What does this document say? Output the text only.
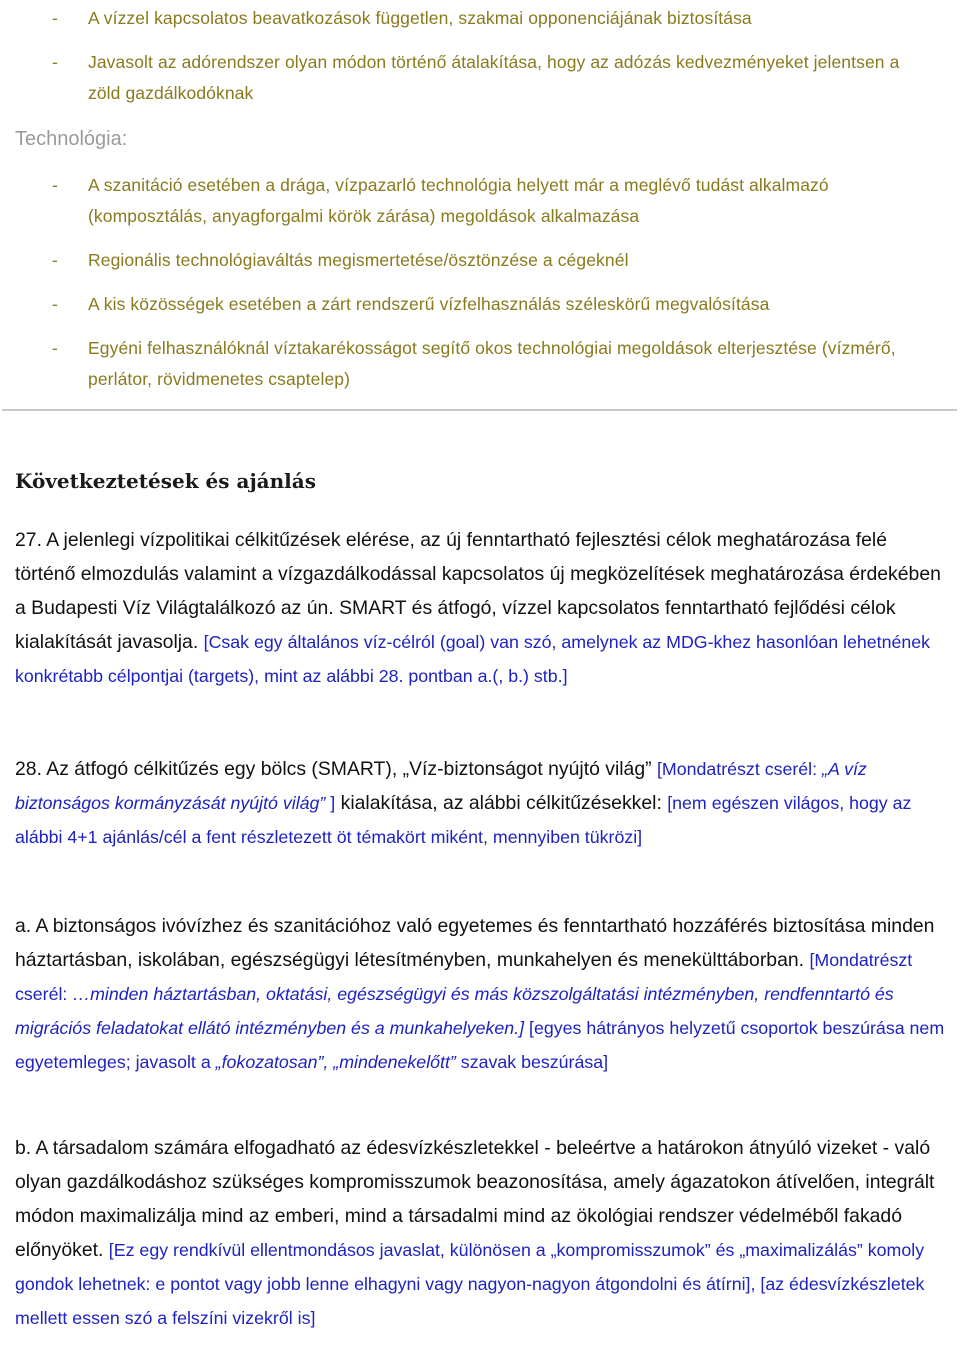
-	A vízzel kapcsolatos beavatkozások független, szakmai opponenciájának biztosítása
-	Javasolt az adórendszer olyan módon történő átalakítása, hogy az adózás kedvezményeket jelentsen a zöld gazdálkodóknak
Technológia:
-	A szanitáció esetében a drága, vízpazarló technológia helyett már a meglévő tudást alkalmazó (komposztálás, anyagforgalmi körök zárása) megoldások alkalmazása
-	Regionális technológiaváltás megismertetése/ösztönzése a cégeknél
-	A kis közösségek esetében a zárt rendszerű vízfelhasználás széleskörű megvalósítása
-	Egyéni felhasználóknál víztakarékosságot segítő okos technológiai megoldások elterjesztése (vízmérő, perlátor, rövidmenetes csaptelep)
Következtetések és ajánlás
27. A jelenlegi vízpolitikai célkitűzések elérése, az új fenntartható fejlesztési célok meghatározása felé történő elmozdulás valamint a vízgazdálkodással kapcsolatos új megközelítések meghatározása érdekében a Budapesti Víz Világtalálkozó az ún. SMART és átfogó, vízzel kapcsolatos fenntartható fejlődési célok kialakítását javasolja. [Csak egy általános víz-célról (goal) van szó, amelynek az MDG-khez hasonlóan lehetnének konkrétabb célpontjai (targets), mint az alábbi 28. pontban a.(, b.) stb.]
28. Az átfogó célkitűzés egy bölcs (SMART), „Víz-biztonságot nyújtó világ” [Mondatrészt cserél: „A víz biztonságos kormányzását nyújtó világ” ] kialakítása, az alábbi célkitűzésekkel: [nem egészen világos, hogy az alábbi 4+1 ajánlás/cél a fent részletezett öt témakört miként, mennyiben tükrözi]
a. A biztonságos ivóvízhez és szanitációhoz való egyetemes és fenntartható hozzáférés biztosítása minden háztartásban, iskolában, egészségügyi létesítményben, munkahelyen és menekülttáborban. [Mondatrészt cserél: …minden háztartásban, oktatási, egészségügyi és más közszolgáltatási intézményben, rendfenntartó és migrációs feladatokat ellátó intézményben és a munkahelyeken.] [egyes hátrányos helyzetű csoportok beszúrása nem egyetemleges; javasolt a „fokozatosan”, „mindenekelőtt” szavak beszúrása]
b. A társadalom számára elfogadható az édesvízkészletekkel - beleértve a határokon átnyúló vizeket - való olyan gazdálkodáshoz szükséges kompromisszumok beazonosítása, amely ágazatokon átívelően, integrált módon maximalizálja mind az emberi, mind a társadalmi mind az ökológiai rendszer védelméből fakadó előnyöket. [Ez egy rendkívül ellentmondásos javaslat, különösen a „kompromisszumok” és „maximalizálás” komoly gondok lehetnek: e pontot vagy jobb lenne elhagyni vagy nagyon-nagyon átgondolni és átírni], [az édesvízkészletek mellett essen szó a felszíni vizekről is]
